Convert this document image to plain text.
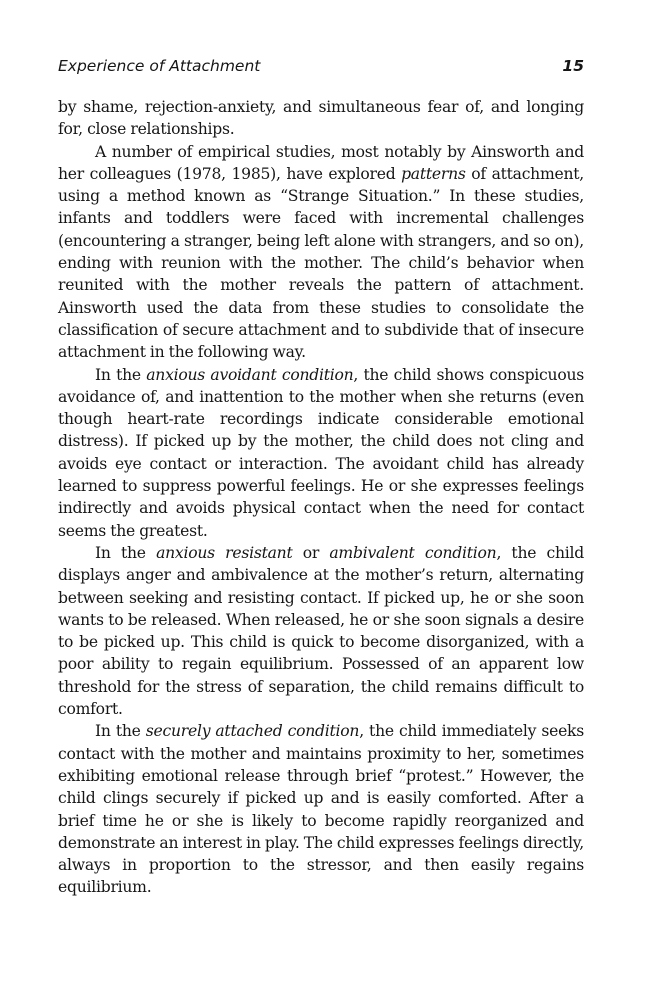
Experience of Attachment	15

by shame, rejection-anxiety, and simultaneous fear of, and longing for, close relationships.

A number of empirical studies, most notably by Ainsworth and her colleagues (1978, 1985), have explored patterns of attachment, using a method known as “Strange Situation.” In these studies, infants and toddlers were faced with incremental challenges (encountering a stranger, being left alone with strangers, and so on), ending with reunion with the mother. The child’s behavior when reunited with the mother reveals the pattern of attachment. Ainsworth used the data from these studies to consolidate the classification of secure attachment and to subdivide that of insecure attachment in the following way.

In the anxious avoidant condition, the child shows conspicuous avoidance of, and inattention to the mother when she returns (even though heart-rate recordings indicate considerable emotional distress). If picked up by the mother, the child does not cling and avoids eye contact or interaction. The avoidant child has already learned to suppress powerful feelings. He or she expresses feelings indirectly and avoids physical contact when the need for contact seems the greatest.

In the anxious resistant or ambivalent condition, the child displays anger and ambivalence at the mother’s return, alternating between seeking and resisting contact. If picked up, he or she soon wants to be released. When released, he or she soon signals a desire to be picked up. This child is quick to become disorganized, with a poor ability to regain equilibrium. Possessed of an apparent low threshold for the stress of separation, the child remains difficult to comfort.

In the securely attached condition, the child immediately seeks contact with the mother and maintains proximity to her, sometimes exhibiting emotional release through brief “protest.” However, the child clings securely if picked up and is easily comforted. After a brief time he or she is likely to become rapidly reorganized and demonstrate an interest in play. The child expresses feelings directly, always in proportion to the stressor, and then easily regains equilibrium.
